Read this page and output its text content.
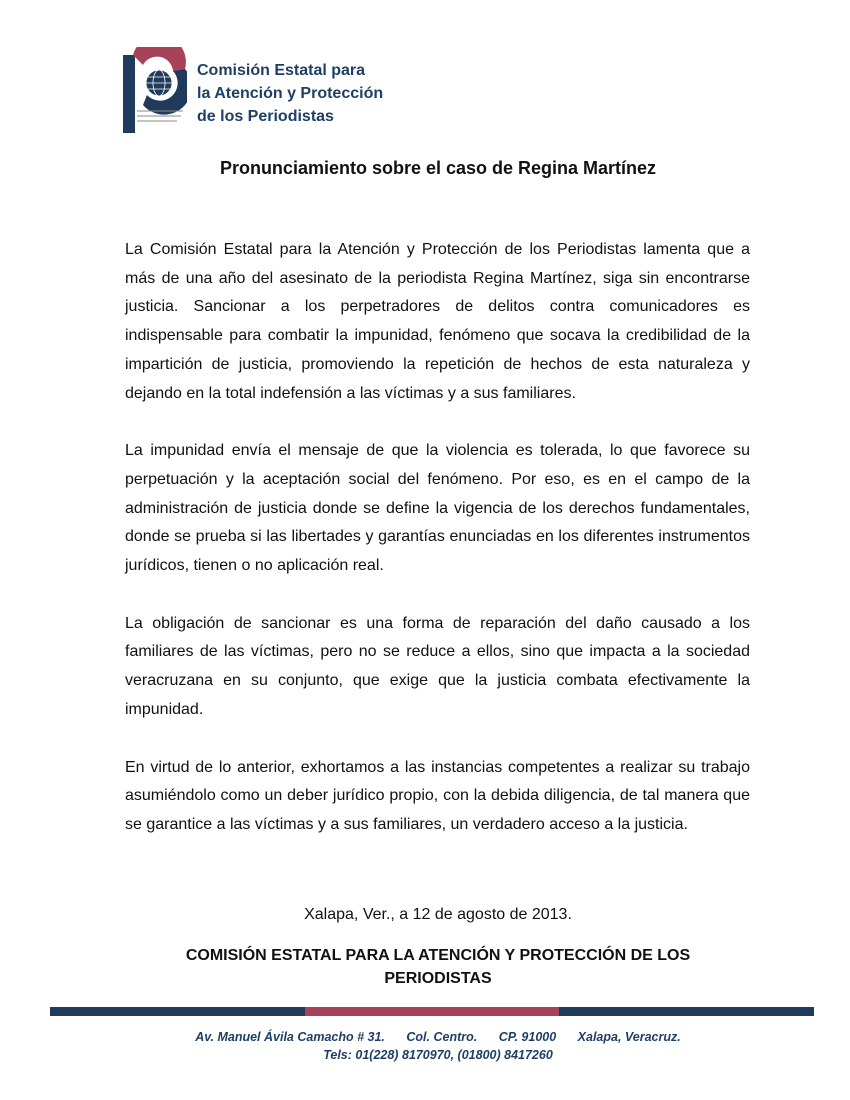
Comisión Estatal para
la Atención y Protección
de los Periodistas
Pronunciamiento sobre el caso de Regina Martínez

La Comisión Estatal para la Atención y Protección de los Periodistas lamenta que a más de una año del asesinato de la periodista Regina Martínez, siga sin encontrarse justicia. Sancionar a los perpetradores de delitos contra comunicadores es indispensable para combatir la impunidad, fenómeno que socava la credibilidad de la impartición de justicia, promoviendo la repetición de hechos de esta naturaleza y dejando en la total indefensión a las víctimas y a sus familiares.

La impunidad envía el mensaje de que la violencia es tolerada, lo que favorece su perpetuación y la aceptación social del fenómeno. Por eso, es en el campo de la administración de justicia donde se define la vigencia de los derechos fundamentales, donde se prueba si las libertades y garantías enunciadas en los diferentes instrumentos jurídicos, tienen o no aplicación real.

La obligación de sancionar es una forma de reparación del daño causado a los familiares de las víctimas, pero no se reduce a ellos, sino que impacta a la sociedad veracruzana en su conjunto, que exige que la justicia combata efectivamente la impunidad.

En virtud de lo anterior, exhortamos a las instancias competentes a realizar su trabajo asumiéndolo como un deber jurídico propio, con la debida diligencia, de tal manera que se garantice a las víctimas y a sus familiares, un verdadero acceso a la justicia.

Xalapa, Ver., a 12 de agosto de 2013.
COMISIÓN ESTATAL PARA LA ATENCIÓN Y PROTECCIÓN DE LOS
PERIODISTAS
Av. Manuel Ávila Camacho # 31. Col. Centro. CP. 91000 Xalapa, Veracruz.
Tels: 01(228) 8170970, (01800) 8417260
